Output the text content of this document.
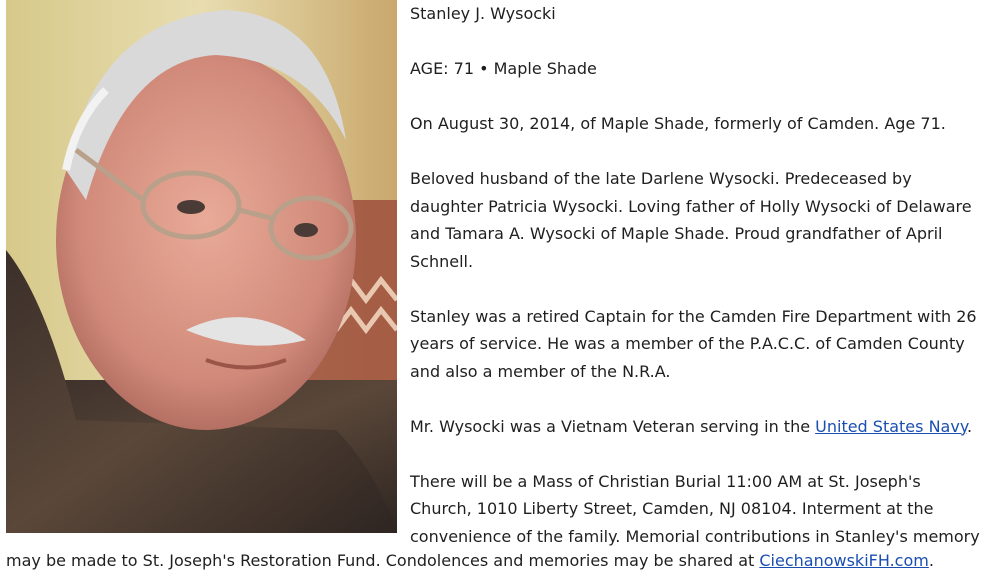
Stanley J. Wysocki

AGE: 71 • Maple Shade

On August 30, 2014, of Maple Shade, formerly of Camden. Age 71.

Beloved husband of the late Darlene Wysocki. Predeceased by
daughter Patricia Wysocki. Loving father of Holly Wysocki of Delaware
and Tamara A. Wysocki of Maple Shade. Proud grandfather of April
Schnell.

Stanley was a retired Captain for the Camden Fire Department with 26
years of service. He was a member of the P.A.C.C. of Camden County
and also a member of the N.R.A.

Mr. Wysocki was a Vietnam Veteran serving in the United States Navy.

There will be a Mass of Christian Burial 11:00 AM at St. Joseph's
Church, 1010 Liberty Street, Camden, NJ 08104. Interment at the
convenience of the family. Memorial contributions in Stanley's memory

may be made to St. Joseph's Restoration Fund. Condolences and memories may be shared at CiechanowskiFH.com.
